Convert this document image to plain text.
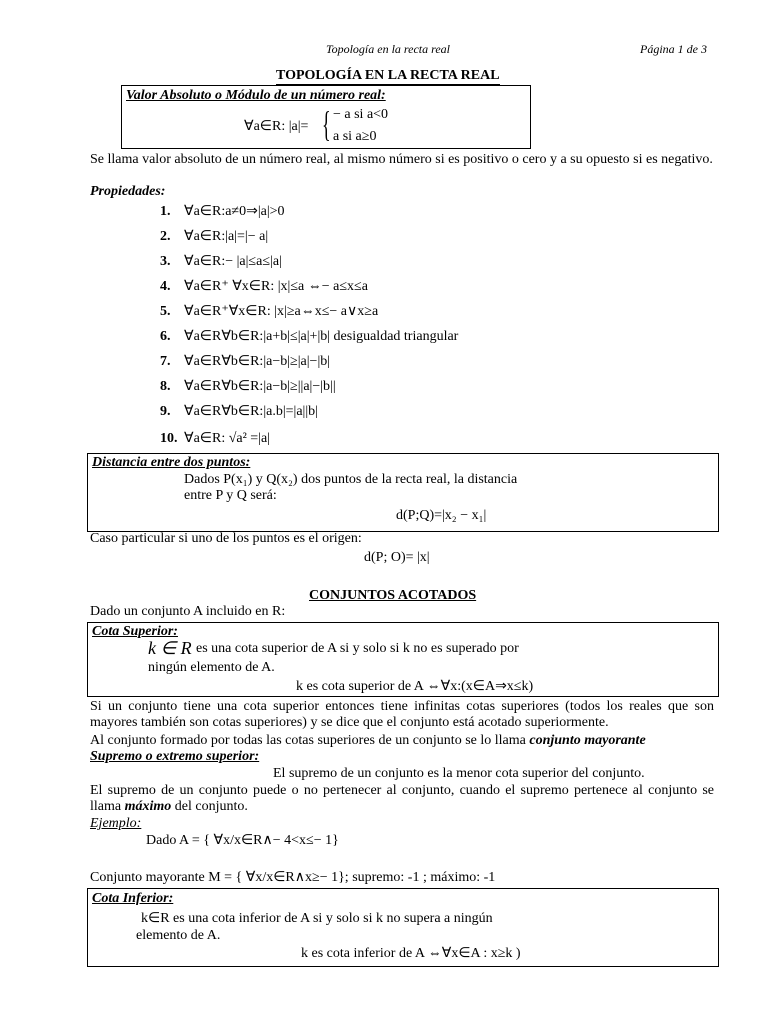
Topología en la recta real	Página 1 de 3
TOPOLOGÍA EN LA RECTA REAL
Valor Absoluto o Módulo de un número real:
∀a∈R: |a|= { − a si a<0
a si a≥0
Se llama valor absoluto de un número real, al mismo número si es positivo o cero y a su opuesto si es negativo.
Propiedades:
1. ∀a∈R:a≠0⇒|a|>0
2. ∀a∈R:|a|=|− a|
3. ∀a∈R:− |a|≤a≤|a|
4. ∀a∈R⁺ ∀x∈R: |x|≤a ⇔− a≤x≤a
5. ∀a∈R⁺∀x∈R: |x|≥a⇔x≤− a∨x≥a
6. ∀a∈R∀b∈R:|a+b|≤|a|+|b| desigualdad triangular
7. ∀a∈R∀b∈R:|a−b|≥|a|−|b|
8. ∀a∈R∀b∈R:|a−b|≥||a|−|b||
9. ∀a∈R∀b∈R:|a.b|=|a||b|
10. ∀a∈R: √a² =|a|
Distancia entre dos puntos:
Dados P(x₁) y Q(x₂) dos puntos de la recta real, la distancia
entre P y Q será:
d(P;Q)=|x₂ − x₁|
Caso particular si uno de los puntos es el origen:
d(P; O)= |x|
CONJUNTOS ACOTADOS
Dado un conjunto A incluido en R:
Cota Superior:
k ∈ R es una cota superior de A si y solo si k no es superado por
ningún elemento de A.
k es cota superior de A ⇔∀x:(x∈A⇒x≤k)
Si un conjunto tiene una cota superior entonces tiene infinitas cotas superiores (todos los reales que son mayores también son cotas superiores) y se dice que el conjunto está acotado superiormente.
Al conjunto formado por todas las cotas superiores de un conjunto se lo llama conjunto mayorante
Supremo o extremo superior:
El supremo de un conjunto es la menor cota superior del conjunto.
El supremo de un conjunto puede o no pertenecer al conjunto, cuando el supremo pertenece al conjunto se llama máximo del conjunto.
Ejemplo:
Dado A = { ∀x/x∈R∧− 4<x≤− 1}
Conjunto mayorante M = { ∀x/x∈R∧x≥− 1}; supremo: -1 ; máximo: -1
Cota Inferior:
k∈R es una cota inferior de A si y solo si k no supera a ningún
elemento de A.
k es cota inferior de A ⇔∀x∈A : x≥k )
